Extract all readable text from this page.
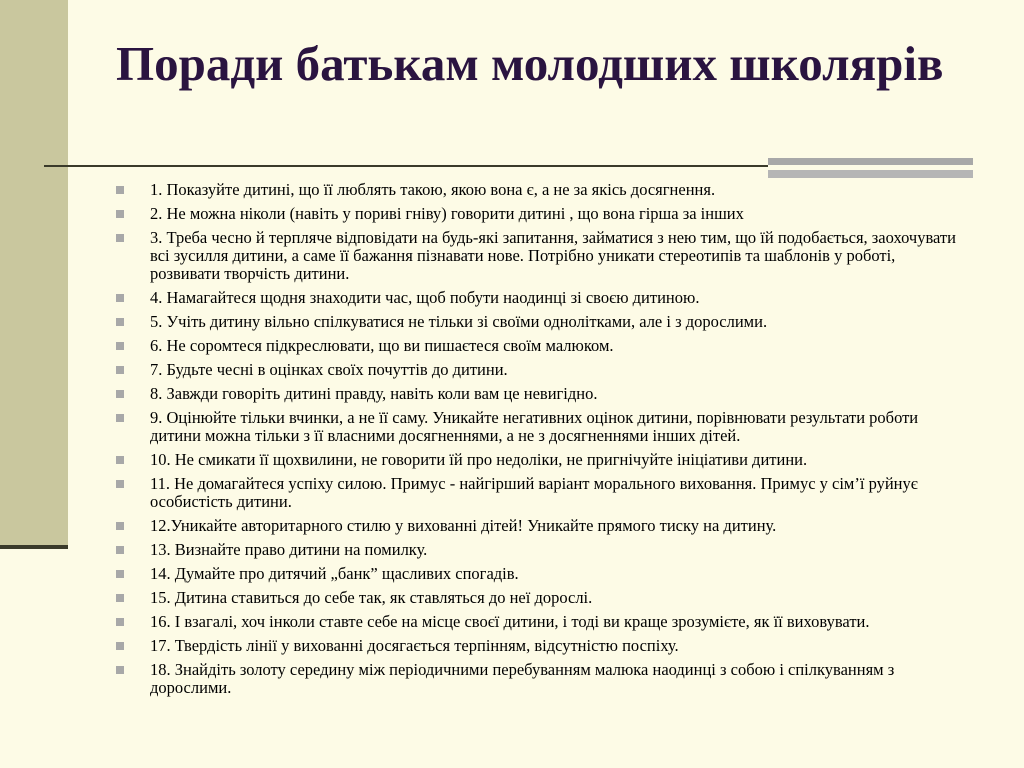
Поради батькам молодших школярів
1. Показуйте дитині, що її люблять такою, якою вона є, а не за якісь досягнення.
2. Не можна ніколи (навіть у пориві гніву) говорити дитині , що вона гірша за інших
3. Треба чесно й терпляче відповідати на будь-які запитання, займатися з нею тим, що їй подобається, заохочувати всі зусилля дитини, а саме її бажання пізнавати нове. Потрібно уникати стереотипів та шаблонів у роботі, розвивати творчість дитини.
4. Намагайтеся щодня знаходити час, щоб побути наодинці зі своєю дитиною.
5. Учіть дитину вільно спілкуватися не тільки зі своїми однолітками, але і з дорослими.
6. Не соромтеся підкреслювати, що ви пишаєтеся своїм малюком.
7. Будьте чесні в оцінках своїх почуттів до дитини.
8. Завжди говоріть дитині правду, навіть коли вам це невигідно.
9. Оцінюйте тільки вчинки, а не її саму. Уникайте негативних оцінок дитини, порівнювати результати роботи дитини можна тільки з її власними досягненнями, а не з досягненнями інших дітей.
10. Не смикати її щохвилини, не говорити їй про недоліки, не пригнічуйте ініціативи дитини.
11. Не домагайтеся успіху силою. Примус - найгірший варіант морального виховання. Примус у сім’ї руйнує особистість дитини.
12.Уникайте авторитарного стилю у вихованні дітей! Уникайте прямого тиску на дитину.
13. Визнайте право дитини на помилку.
14. Думайте про дитячий „банк” щасливих спогадів.
15. Дитина ставиться до себе так, як ставляться до неї дорослі.
16. І взагалі, хоч інколи ставте себе на місце своєї дитини, і тоді ви краще зрозумієте, як її виховувати.
17. Твердість лінії у вихованні досягається терпінням, відсутністю поспіху.
18. Знайдіть золоту середину між періодичними перебуванням малюка наодинці з собою і спілкуванням з дорослими.
